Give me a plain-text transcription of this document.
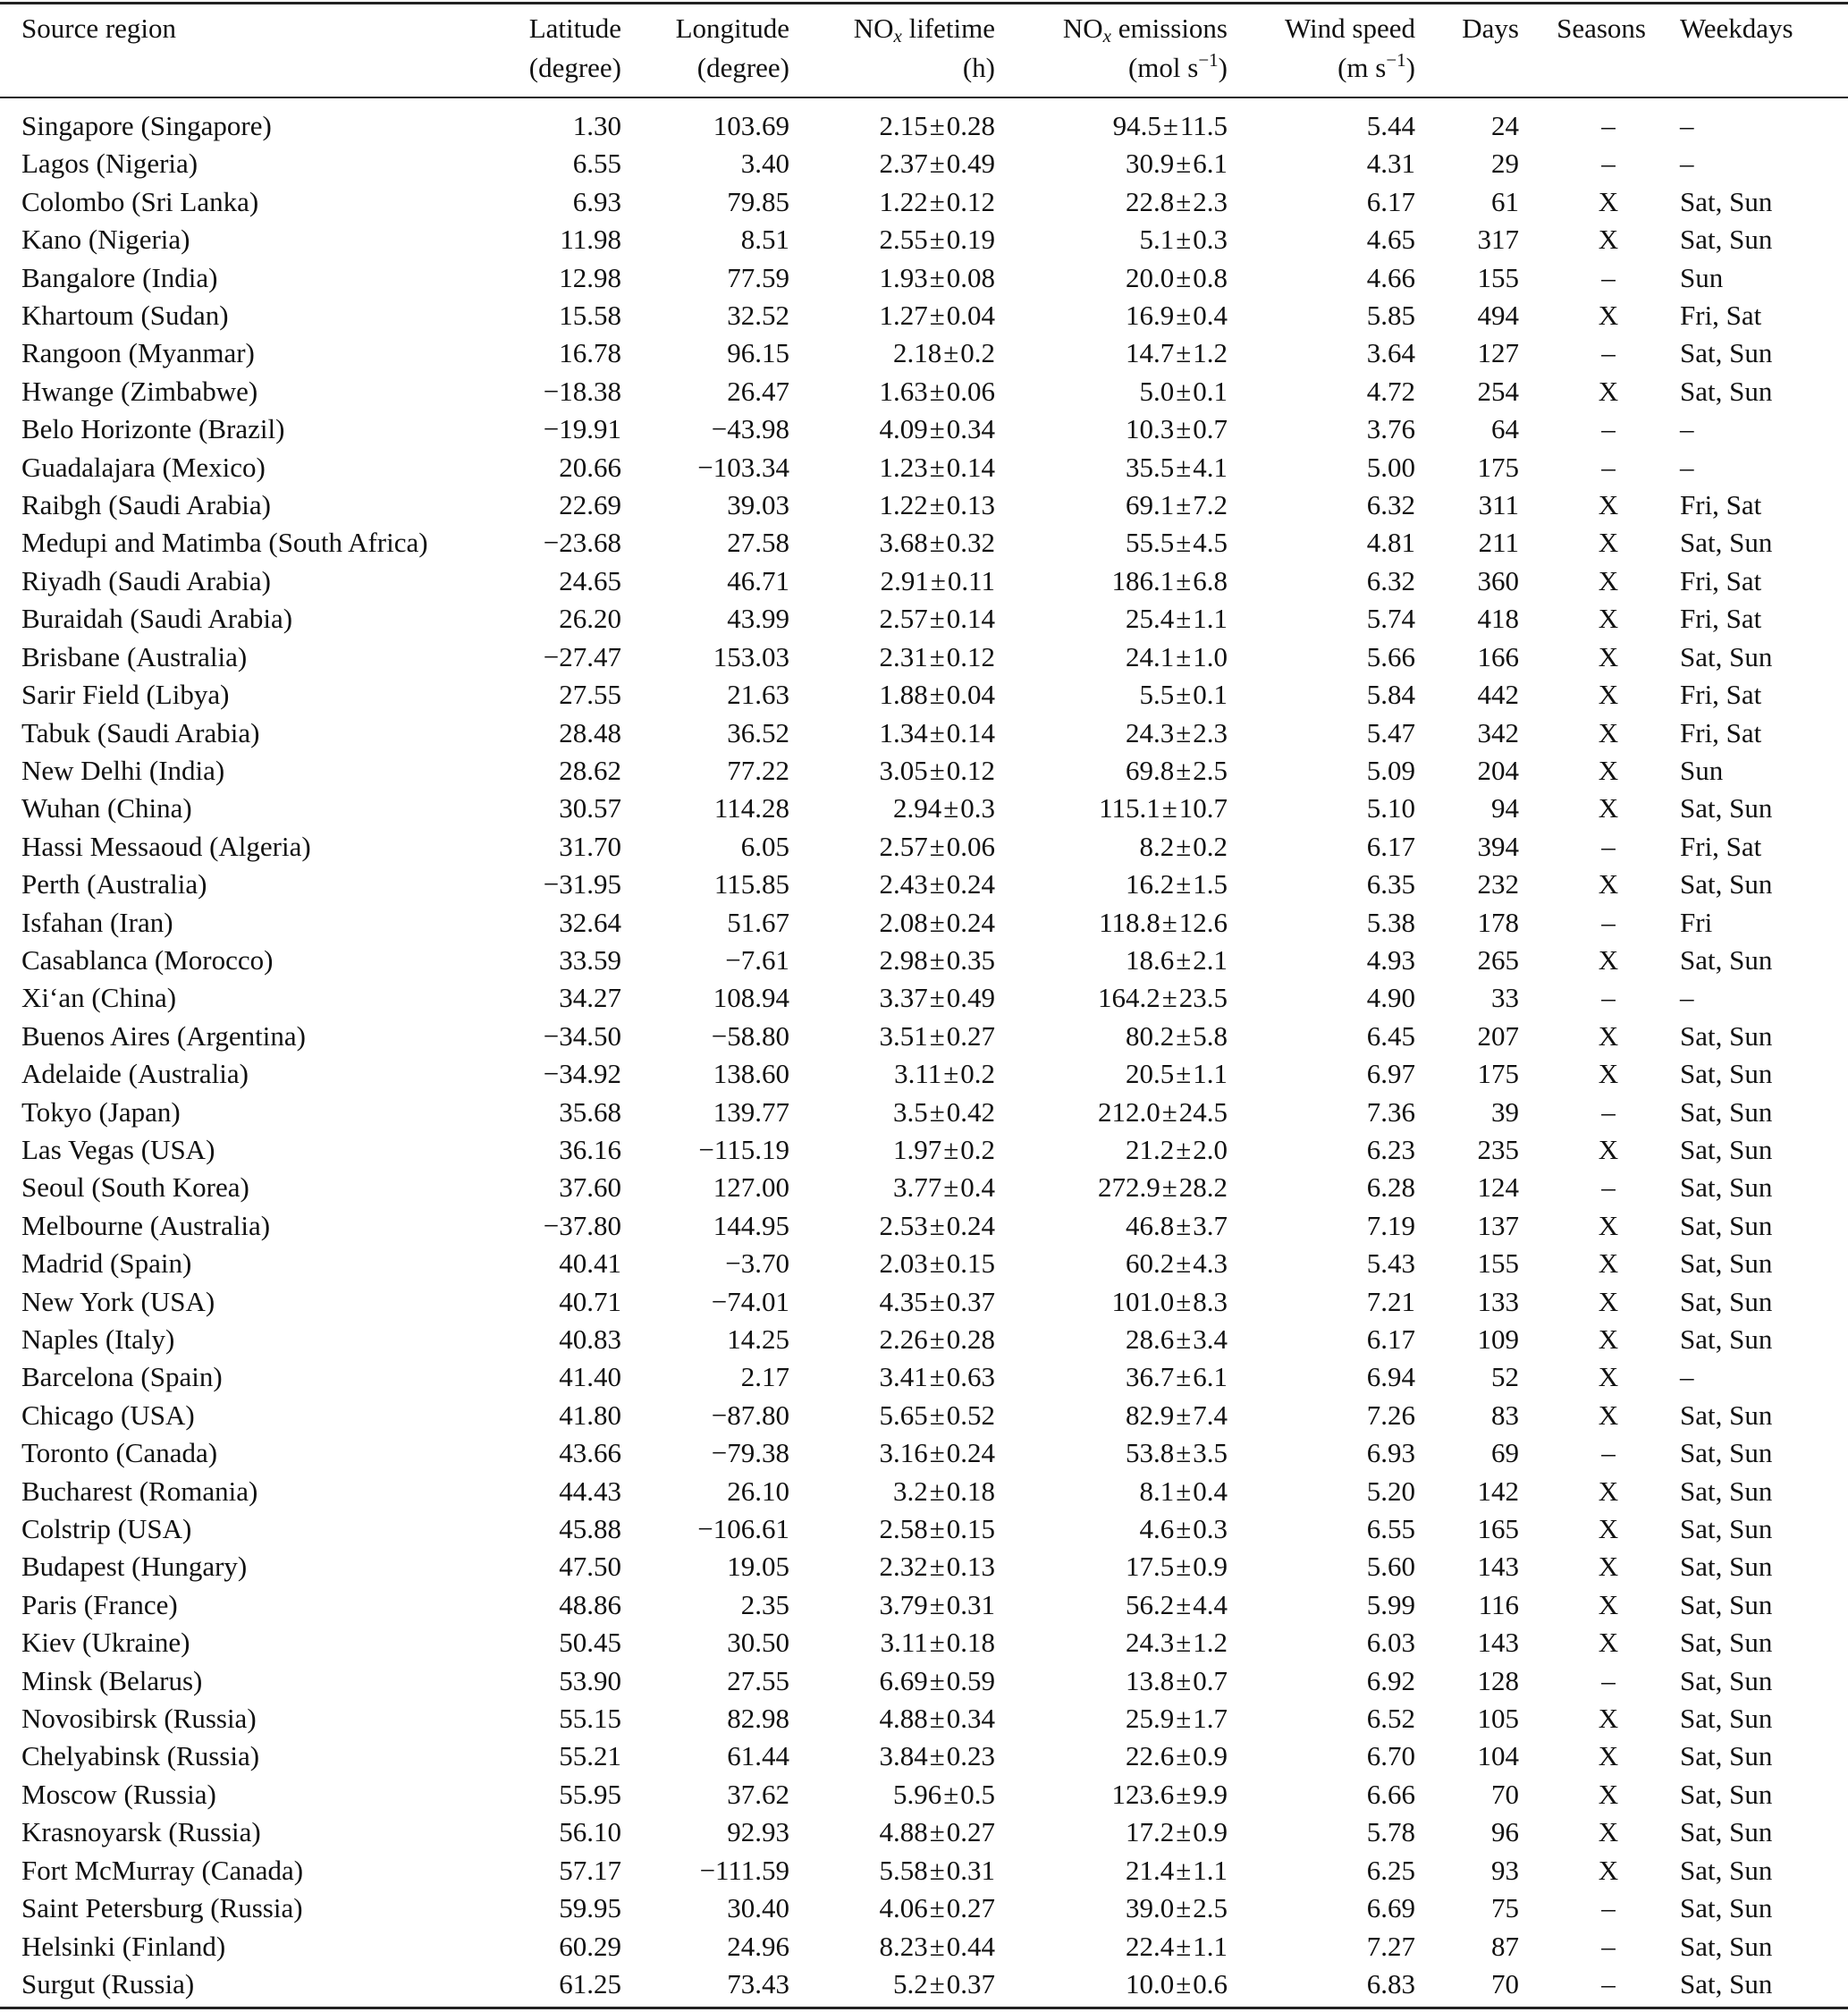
Source region	Latitude	Longitude	$NO_x$ lifetime	$NO_x$ emissions	Wind speed	Days	Seasons	Weekdays
	(degree)	(degree)	(h)	(mol $s^{-1}$)	(m $s^{-1}$)			
Singapore (Singapore)	1.30	103.69	2.15±0.28	94.5±11.5	5.44	24	–	–
Lagos (Nigeria)	6.55	3.40	2.37±0.49	30.9±6.1	4.31	29	–	–
Colombo (Sri Lanka)	6.93	79.85	1.22±0.12	22.8±2.3	6.17	61	X	Sat, Sun
Kano (Nigeria)	11.98	8.51	2.55±0.19	5.1±0.3	4.65	317	X	Sat, Sun
Bangalore (India)	12.98	77.59	1.93±0.08	20.0±0.8	4.66	155	–	Sun
Khartoum (Sudan)	15.58	32.52	1.27±0.04	16.9±0.4	5.85	494	X	Fri, Sat
Rangoon (Myanmar)	16.78	96.15	2.18±0.2	14.7±1.2	3.64	127	–	Sat, Sun
Hwange (Zimbabwe)	−18.38	26.47	1.63±0.06	5.0±0.1	4.72	254	X	Sat, Sun
Belo Horizonte (Brazil)	−19.91	−43.98	4.09±0.34	10.3±0.7	3.76	64	–	–
Guadalajara (Mexico)	20.66	−103.34	1.23±0.14	35.5±4.1	5.00	175	–	–
Raibgh (Saudi Arabia)	22.69	39.03	1.22±0.13	69.1±7.2	6.32	311	X	Fri, Sat
Medupi and Matimba (South Africa)	−23.68	27.58	3.68±0.32	55.5±4.5	4.81	211	X	Sat, Sun
Riyadh (Saudi Arabia)	24.65	46.71	2.91±0.11	186.1±6.8	6.32	360	X	Fri, Sat
Buraidah (Saudi Arabia)	26.20	43.99	2.57±0.14	25.4±1.1	5.74	418	X	Fri, Sat
Brisbane (Australia)	−27.47	153.03	2.31±0.12	24.1±1.0	5.66	166	X	Sat, Sun
Sarir Field (Libya)	27.55	21.63	1.88±0.04	5.5±0.1	5.84	442	X	Fri, Sat
Tabuk (Saudi Arabia)	28.48	36.52	1.34±0.14	24.3±2.3	5.47	342	X	Fri, Sat
New Delhi (India)	28.62	77.22	3.05±0.12	69.8±2.5	5.09	204	X	Sun
Wuhan (China)	30.57	114.28	2.94±0.3	115.1±10.7	5.10	94	X	Sat, Sun
Hassi Messaoud (Algeria)	31.70	6.05	2.57±0.06	8.2±0.2	6.17	394	–	Fri, Sat
Perth (Australia)	−31.95	115.85	2.43±0.24	16.2±1.5	6.35	232	X	Sat, Sun
Isfahan (Iran)	32.64	51.67	2.08±0.24	118.8±12.6	5.38	178	–	Fri
Casablanca (Morocco)	33.59	−7.61	2.98±0.35	18.6±2.1	4.93	265	X	Sat, Sun
Xi‘an (China)	34.27	108.94	3.37±0.49	164.2±23.5	4.90	33	–	–
Buenos Aires (Argentina)	−34.50	−58.80	3.51±0.27	80.2±5.8	6.45	207	X	Sat, Sun
Adelaide (Australia)	−34.92	138.60	3.11±0.2	20.5±1.1	6.97	175	X	Sat, Sun
Tokyo (Japan)	35.68	139.77	3.5±0.42	212.0±24.5	7.36	39	–	Sat, Sun
Las Vegas (USA)	36.16	−115.19	1.97±0.2	21.2±2.0	6.23	235	X	Sat, Sun
Seoul (South Korea)	37.60	127.00	3.77±0.4	272.9±28.2	6.28	124	–	Sat, Sun
Melbourne (Australia)	−37.80	144.95	2.53±0.24	46.8±3.7	7.19	137	X	Sat, Sun
Madrid (Spain)	40.41	−3.70	2.03±0.15	60.2±4.3	5.43	155	X	Sat, Sun
New York (USA)	40.71	−74.01	4.35±0.37	101.0±8.3	7.21	133	X	Sat, Sun
Naples (Italy)	40.83	14.25	2.26±0.28	28.6±3.4	6.17	109	X	Sat, Sun
Barcelona (Spain)	41.40	2.17	3.41±0.63	36.7±6.1	6.94	52	X	–
Chicago (USA)	41.80	−87.80	5.65±0.52	82.9±7.4	7.26	83	X	Sat, Sun
Toronto (Canada)	43.66	−79.38	3.16±0.24	53.8±3.5	6.93	69	–	Sat, Sun
Bucharest (Romania)	44.43	26.10	3.2±0.18	8.1±0.4	5.20	142	X	Sat, Sun
Colstrip (USA)	45.88	−106.61	2.58±0.15	4.6±0.3	6.55	165	X	Sat, Sun
Budapest (Hungary)	47.50	19.05	2.32±0.13	17.5±0.9	5.60	143	X	Sat, Sun
Paris (France)	48.86	2.35	3.79±0.31	56.2±4.4	5.99	116	X	Sat, Sun
Kiev (Ukraine)	50.45	30.50	3.11±0.18	24.3±1.2	6.03	143	X	Sat, Sun
Minsk (Belarus)	53.90	27.55	6.69±0.59	13.8±0.7	6.92	128	–	Sat, Sun
Novosibirsk (Russia)	55.15	82.98	4.88±0.34	25.9±1.7	6.52	105	X	Sat, Sun
Chelyabinsk (Russia)	55.21	61.44	3.84±0.23	22.6±0.9	6.70	104	X	Sat, Sun
Moscow (Russia)	55.95	37.62	5.96±0.5	123.6±9.9	6.66	70	X	Sat, Sun
Krasnoyarsk (Russia)	56.10	92.93	4.88±0.27	17.2±0.9	5.78	96	X	Sat, Sun
Fort McMurray (Canada)	57.17	−111.59	5.58±0.31	21.4±1.1	6.25	93	X	Sat, Sun
Saint Petersburg (Russia)	59.95	30.40	4.06±0.27	39.0±2.5	6.69	75	–	Sat, Sun
Helsinki (Finland)	60.29	24.96	8.23±0.44	22.4±1.1	7.27	87	–	Sat, Sun
Surgut (Russia)	61.25	73.43	5.2±0.37	10.0±0.6	6.83	70	–	Sat, Sun
